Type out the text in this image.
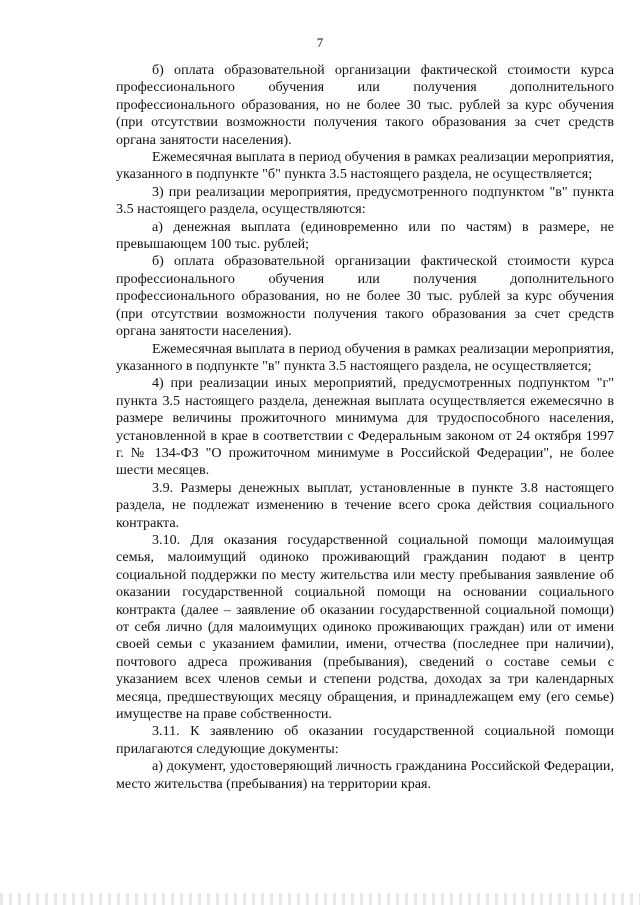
7

б) оплата образовательной организации фактической стоимости курса профессионального обучения или получения дополнительного профессионального образования, но не более 30 тыс. рублей за курс обучения (при отсутствии возможности получения такого образования за счет средств органа занятости населения).

Ежемесячная выплата в период обучения в рамках реализации мероприятия, указанного в подпункте "б" пункта 3.5 настоящего раздела, не осуществляется;

3) при реализации мероприятия, предусмотренного подпунктом "в" пункта 3.5 настоящего раздела, осуществляются:

а) денежная выплата (единовременно или по частям) в размере, не превышающем 100 тыс. рублей;

б) оплата образовательной организации фактической стоимости курса профессионального обучения или получения дополнительного профессионального образования, но не более 30 тыс. рублей за курс обучения (при отсутствии возможности получения такого образования за счет средств органа занятости населения).

Ежемесячная выплата в период обучения в рамках реализации мероприятия, указанного в подпункте "в" пункта 3.5 настоящего раздела, не осуществляется;

4) при реализации иных мероприятий, предусмотренных подпунктом "г" пункта 3.5 настоящего раздела, денежная выплата осуществляется ежемесячно в размере величины прожиточного минимума для трудоспособного населения, установленной в крае в соответствии с Федеральным законом от 24 октября 1997 г. № 134-ФЗ "О прожиточном минимуме в Российской Федерации", не более шести месяцев.

3.9. Размеры денежных выплат, установленные в пункте 3.8 настоящего раздела, не подлежат изменению в течение всего срока действия социального контракта.

3.10. Для оказания государственной социальной помощи малоимущая семья, малоимущий одиноко проживающий гражданин подают в центр социальной поддержки по месту жительства или месту пребывания заявление об оказании государственной социальной помощи на основании социального контракта (далее – заявление об оказании государственной социальной помощи) от себя лично (для малоимущих одиноко проживающих граждан) или от имени своей семьи с указанием фамилии, имени, отчества (последнее при наличии), почтового адреса проживания (пребывания), сведений о составе семьи с указанием всех членов семьи и степени родства, доходах за три календарных месяца, предшествующих месяцу обращения, и принадлежащем ему (его семье) имуществе на праве собственности.

3.11. К заявлению об оказании государственной социальной помощи прилагаются следующие документы:

а) документ, удостоверяющий личность гражданина Российской Федерации, место жительства (пребывания) на территории края.
